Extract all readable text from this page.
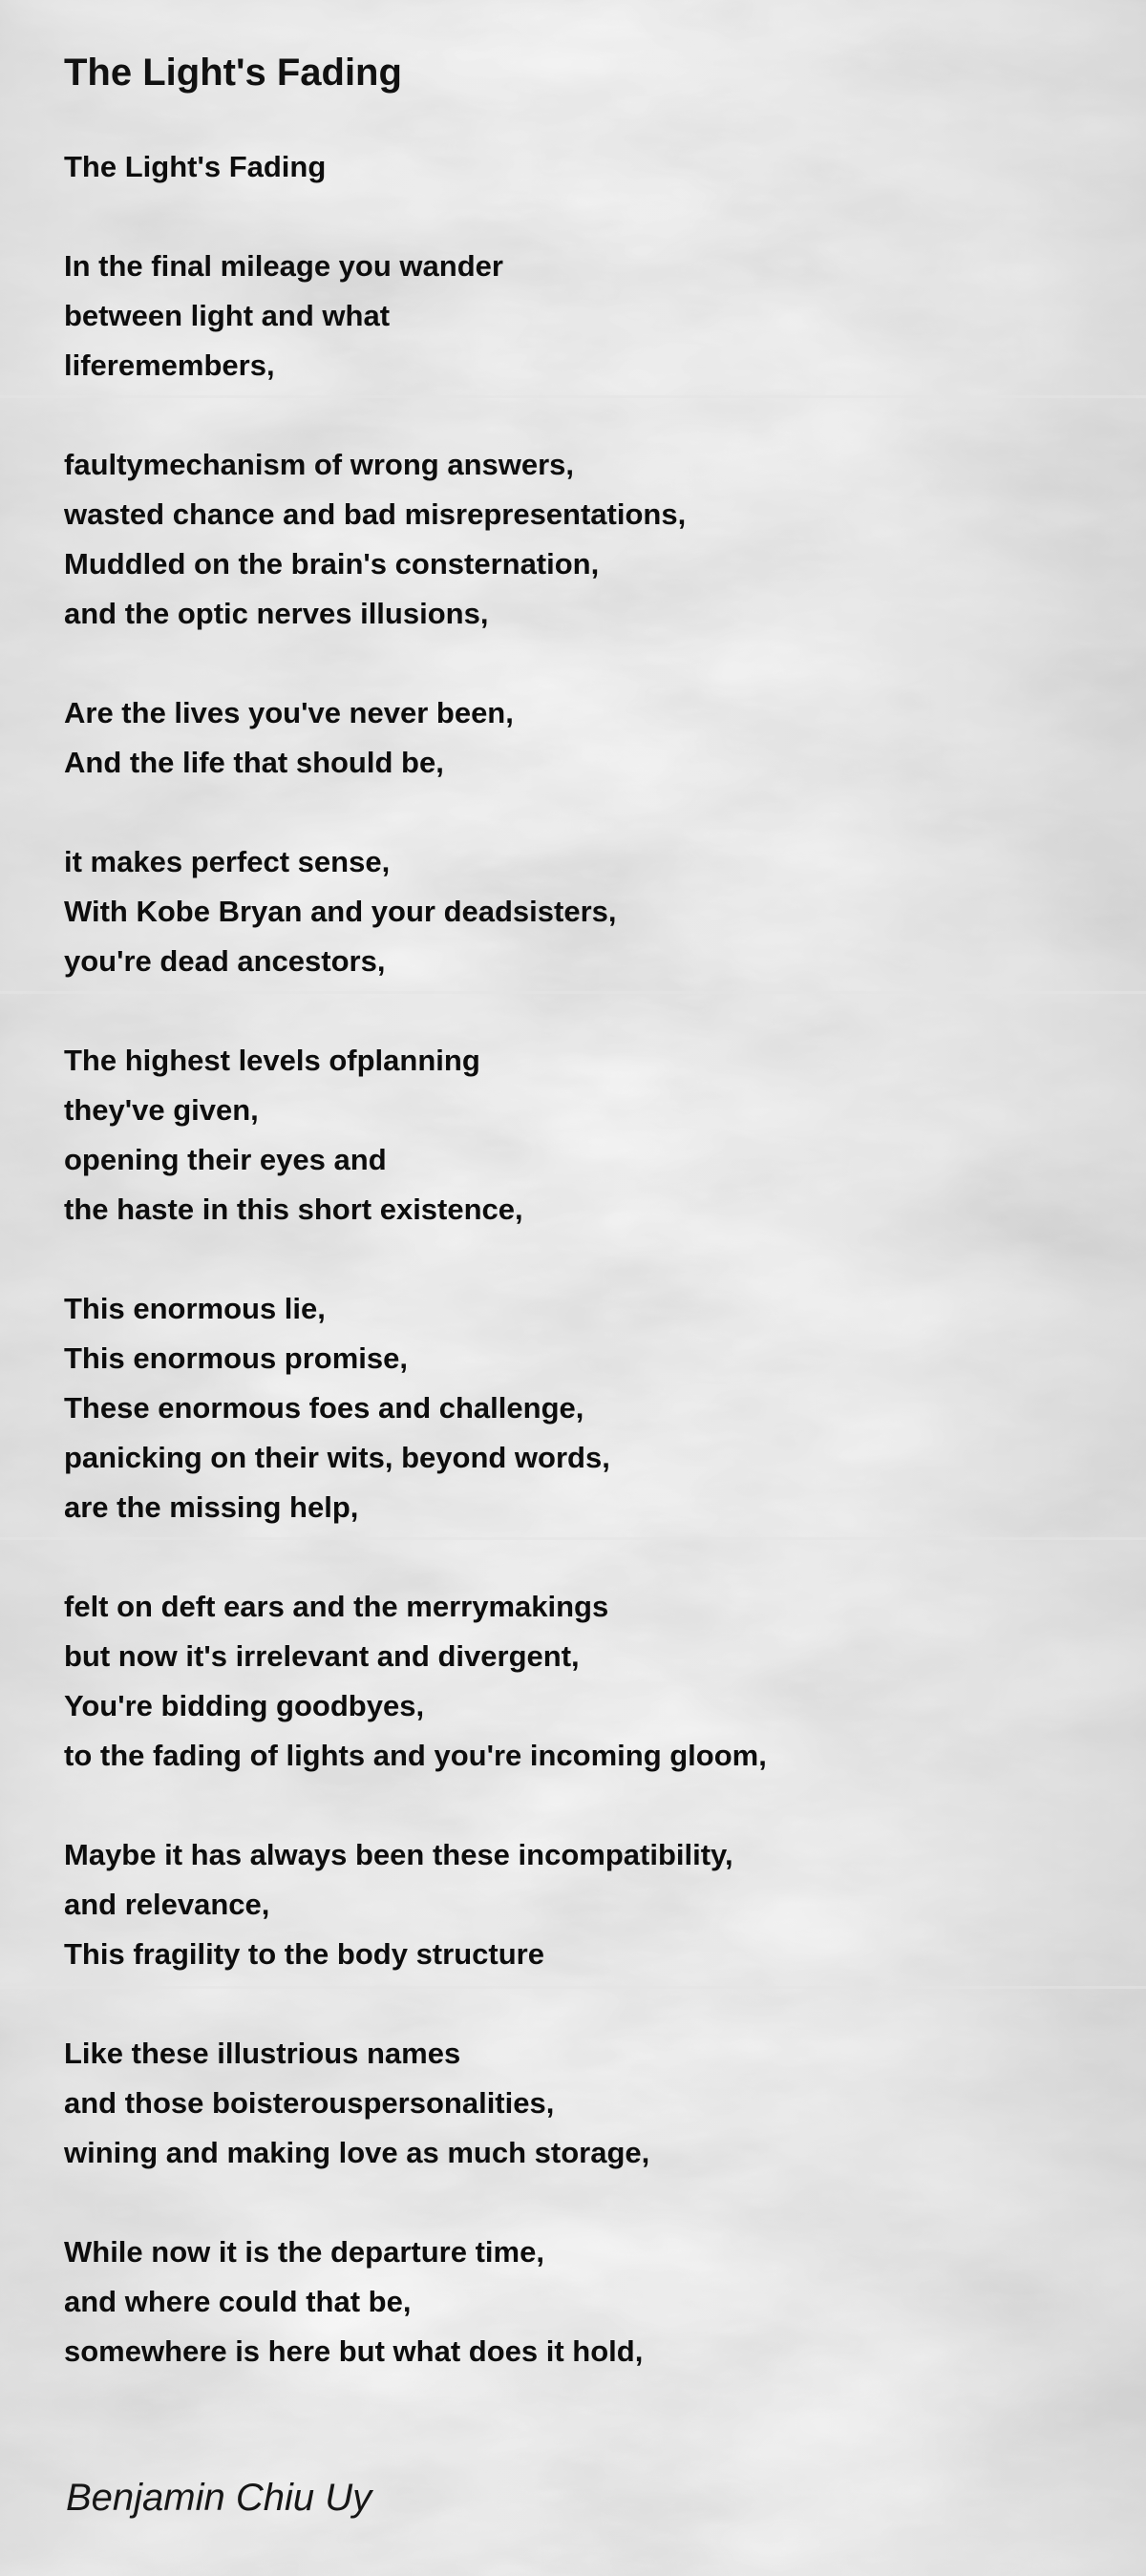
The Light's Fading
The Light's Fading
In the final mileage you wander
between light and what
liferemembers,
faultymechanism of wrong answers,
wasted chance and bad misrepresentations,
Muddled on the brain's consternation,
and the optic nerves illusions,
Are the lives you've never been,
And the life that should be,
it makes perfect sense,
With Kobe Bryan and your deadsisters,
you're dead ancestors,
The highest levels ofplanning
they've given,
opening their eyes and
the haste in this short existence,
This enormous lie,
This enormous promise,
These enormous foes and challenge,
panicking on their wits, beyond words,
are the missing help,
felt on deft ears and the merrymakings
but now it's irrelevant and divergent,
You're bidding goodbyes,
to the fading of lights and you're incoming gloom,
Maybe it has always been these incompatibility,
and relevance,
This fragility to the body structure
Like these illustrious names
and those boisterouspersonalities,
wining and making love as much storage,
While now it is the departure time,
and where could that be,
somewhere is here but what does it hold,

Benjamin Chiu Uy
